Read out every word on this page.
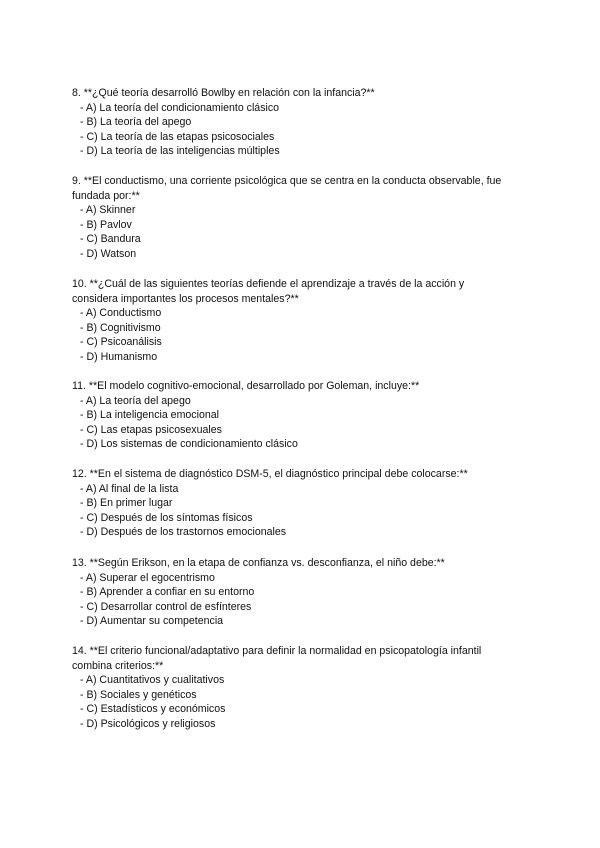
8. **¿Qué teoría desarrolló Bowlby en relación con la infancia?**

- A) La teoría del condicionamiento clásico

- B) La teoría del apego

- C) La teoría de las etapas psicosociales

- D) La teoría de las inteligencias múltiples

9. **El conductismo, una corriente psicológica que se centra en la conducta observable, fue fundada por:**

- A) Skinner

- B) Pavlov

- C) Bandura

- D) Watson

10. **¿Cuál de las siguientes teorías defiende el aprendizaje a través de la acción y considera importantes los procesos mentales?**

- A) Conductismo

- B) Cognitivismo

- C) Psicoanálisis

- D) Humanismo

11. **El modelo cognitivo-emocional, desarrollado por Goleman, incluye:**

- A) La teoría del apego

- B) La inteligencia emocional

- C) Las etapas psicosexuales

- D) Los sistemas de condicionamiento clásico

12. **En el sistema de diagnóstico DSM-5, el diagnóstico principal debe colocarse:**

- A) Al final de la lista

- B) En primer lugar

- C) Después de los síntomas físicos

- D) Después de los trastornos emocionales

13. **Según Erikson, en la etapa de confianza vs. desconfianza, el niño debe:**

- A) Superar el egocentrismo

- B) Aprender a confiar en su entorno

- C) Desarrollar control de esfínteres

- D) Aumentar su competencia

14. **El criterio funcional/adaptativo para definir la normalidad en psicopatología infantil combina criterios:**

- A) Cuantitativos y cualitativos

- B) Sociales y genéticos

- C) Estadísticos y económicos

- D) Psicológicos y religiosos
